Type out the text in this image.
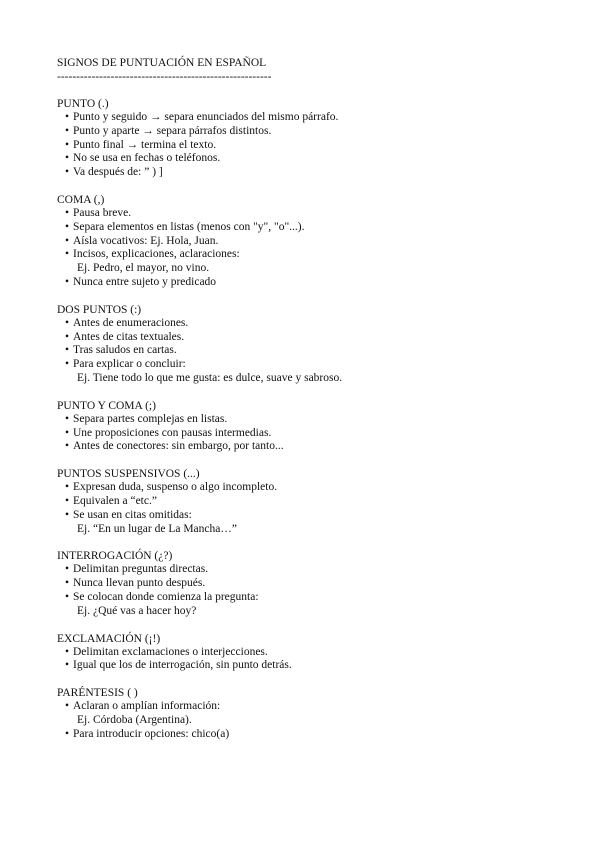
SIGNOS DE PUNTUACIÓN EN ESPAÑOL
--------------------------------------------------------
PUNTO (.)
• Punto y seguido → separa enunciados del mismo párrafo.
• Punto y aparte → separa párrafos distintos.
• Punto final → termina el texto.
• No se usa en fechas o teléfonos.
• Va después de: ” ) ]
COMA (,)
• Pausa breve.
• Separa elementos en listas (menos con "y", "o"...).
• Aísla vocativos: Ej. Hola, Juan.
• Incisos, explicaciones, aclaraciones:
Ej. Pedro, el mayor, no vino.
• Nunca entre sujeto y predicado
DOS PUNTOS (:)
• Antes de enumeraciones.
• Antes de citas textuales.
• Tras saludos en cartas.
• Para explicar o concluir:
Ej. Tiene todo lo que me gusta: es dulce, suave y sabroso.
PUNTO Y COMA (;)
• Separa partes complejas en listas.
• Une proposiciones con pausas intermedias.
• Antes de conectores: sin embargo, por tanto...
PUNTOS SUSPENSIVOS (...)
• Expresan duda, suspenso o algo incompleto.
• Equivalen a “etc.”
• Se usan en citas omitidas:
Ej. “En un lugar de La Mancha…”
INTERROGACIÓN (¿?)
• Delimitan preguntas directas.
• Nunca llevan punto después.
• Se colocan donde comienza la pregunta:
Ej. ¿Qué vas a hacer hoy?
EXCLAMACIÓN (¡!)
• Delimitan exclamaciones o interjecciones.
• Igual que los de interrogación, sin punto detrás.
PARÉNTESIS ( )
• Aclaran o amplían información:
Ej. Córdoba (Argentina).
• Para introducir opciones: chico(a)
